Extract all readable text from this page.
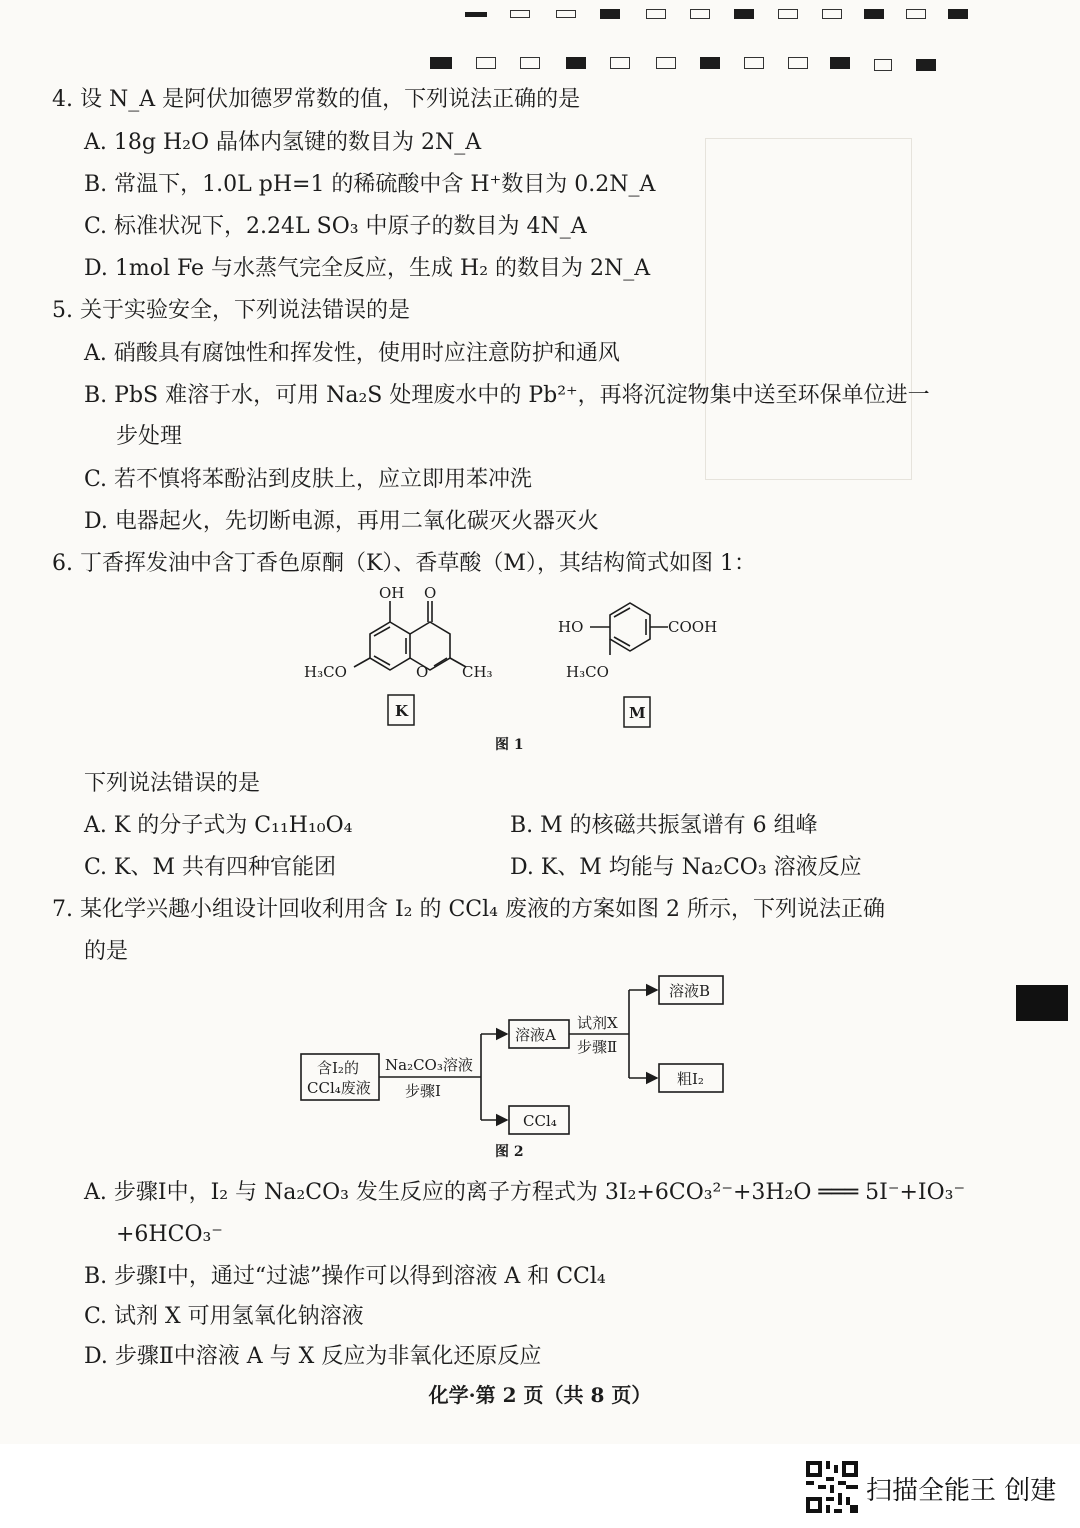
4. 设 N_A 是阿伏加德罗常数的值，下列说法正确的是
A. 18g H₂O 晶体内氢键的数目为 2N_A
B. 常温下，1.0L pH=1 的稀硫酸中含 H⁺数目为 0.2N_A
C. 标准状况下，2.24L SO₃ 中原子的数目为 4N_A
D. 1mol Fe 与水蒸气完全反应，生成 H₂ 的数目为 2N_A
5. 关于实验安全，下列说法错误的是
A. 硝酸具有腐蚀性和挥发性，使用时应注意防护和通风
B. PbS 难溶于水，可用 Na₂S 处理废水中的 Pb²⁺，再将沉淀物集中送至环保单位进一
步处理
C. 若不慎将苯酚沾到皮肤上，应立即用苯冲洗
D. 电器起火，先切断电源，再用二氧化碳灭火器灭火
6. 丁香挥发油中含丁香色原酮（K）、香草酸（M），其结构简式如图 1：
OH O
H₃CO	O CH₃
K
HO	COOH
H₃CO
M
图 1
下列说法错误的是
A. K 的分子式为 C₁₁H₁₀O₄	B. M 的核磁共振氢谱有 6 组峰
C. K、M 共有四种官能团	D. K、M 均能与 Na₂CO₃ 溶液反应
7. 某化学兴趣小组设计回收利用含 I₂ 的 CCl₄ 废液的方案如图 2 所示，下列说法正确
的是
含I₂的
CCl₄废液
Na₂CO₃溶液
步骤Ⅰ
溶液A
CCl₄
试剂X
步骤Ⅱ
溶液B
粗I₂
图 2
A. 步骤Ⅰ中，I₂ 与 Na₂CO₃ 发生反应的离子方程式为 3I₂+6CO₃²⁻+3H₂O ═══ 5I⁻+IO₃⁻
+6HCO₃⁻
B. 步骤Ⅰ中，通过“过滤”操作可以得到溶液 A 和 CCl₄
C. 试剂 X 可用氢氧化钠溶液
D. 步骤Ⅱ中溶液 A 与 X 反应为非氧化还原反应
化学·第 2 页（共 8 页）
扫描全能王 创建
